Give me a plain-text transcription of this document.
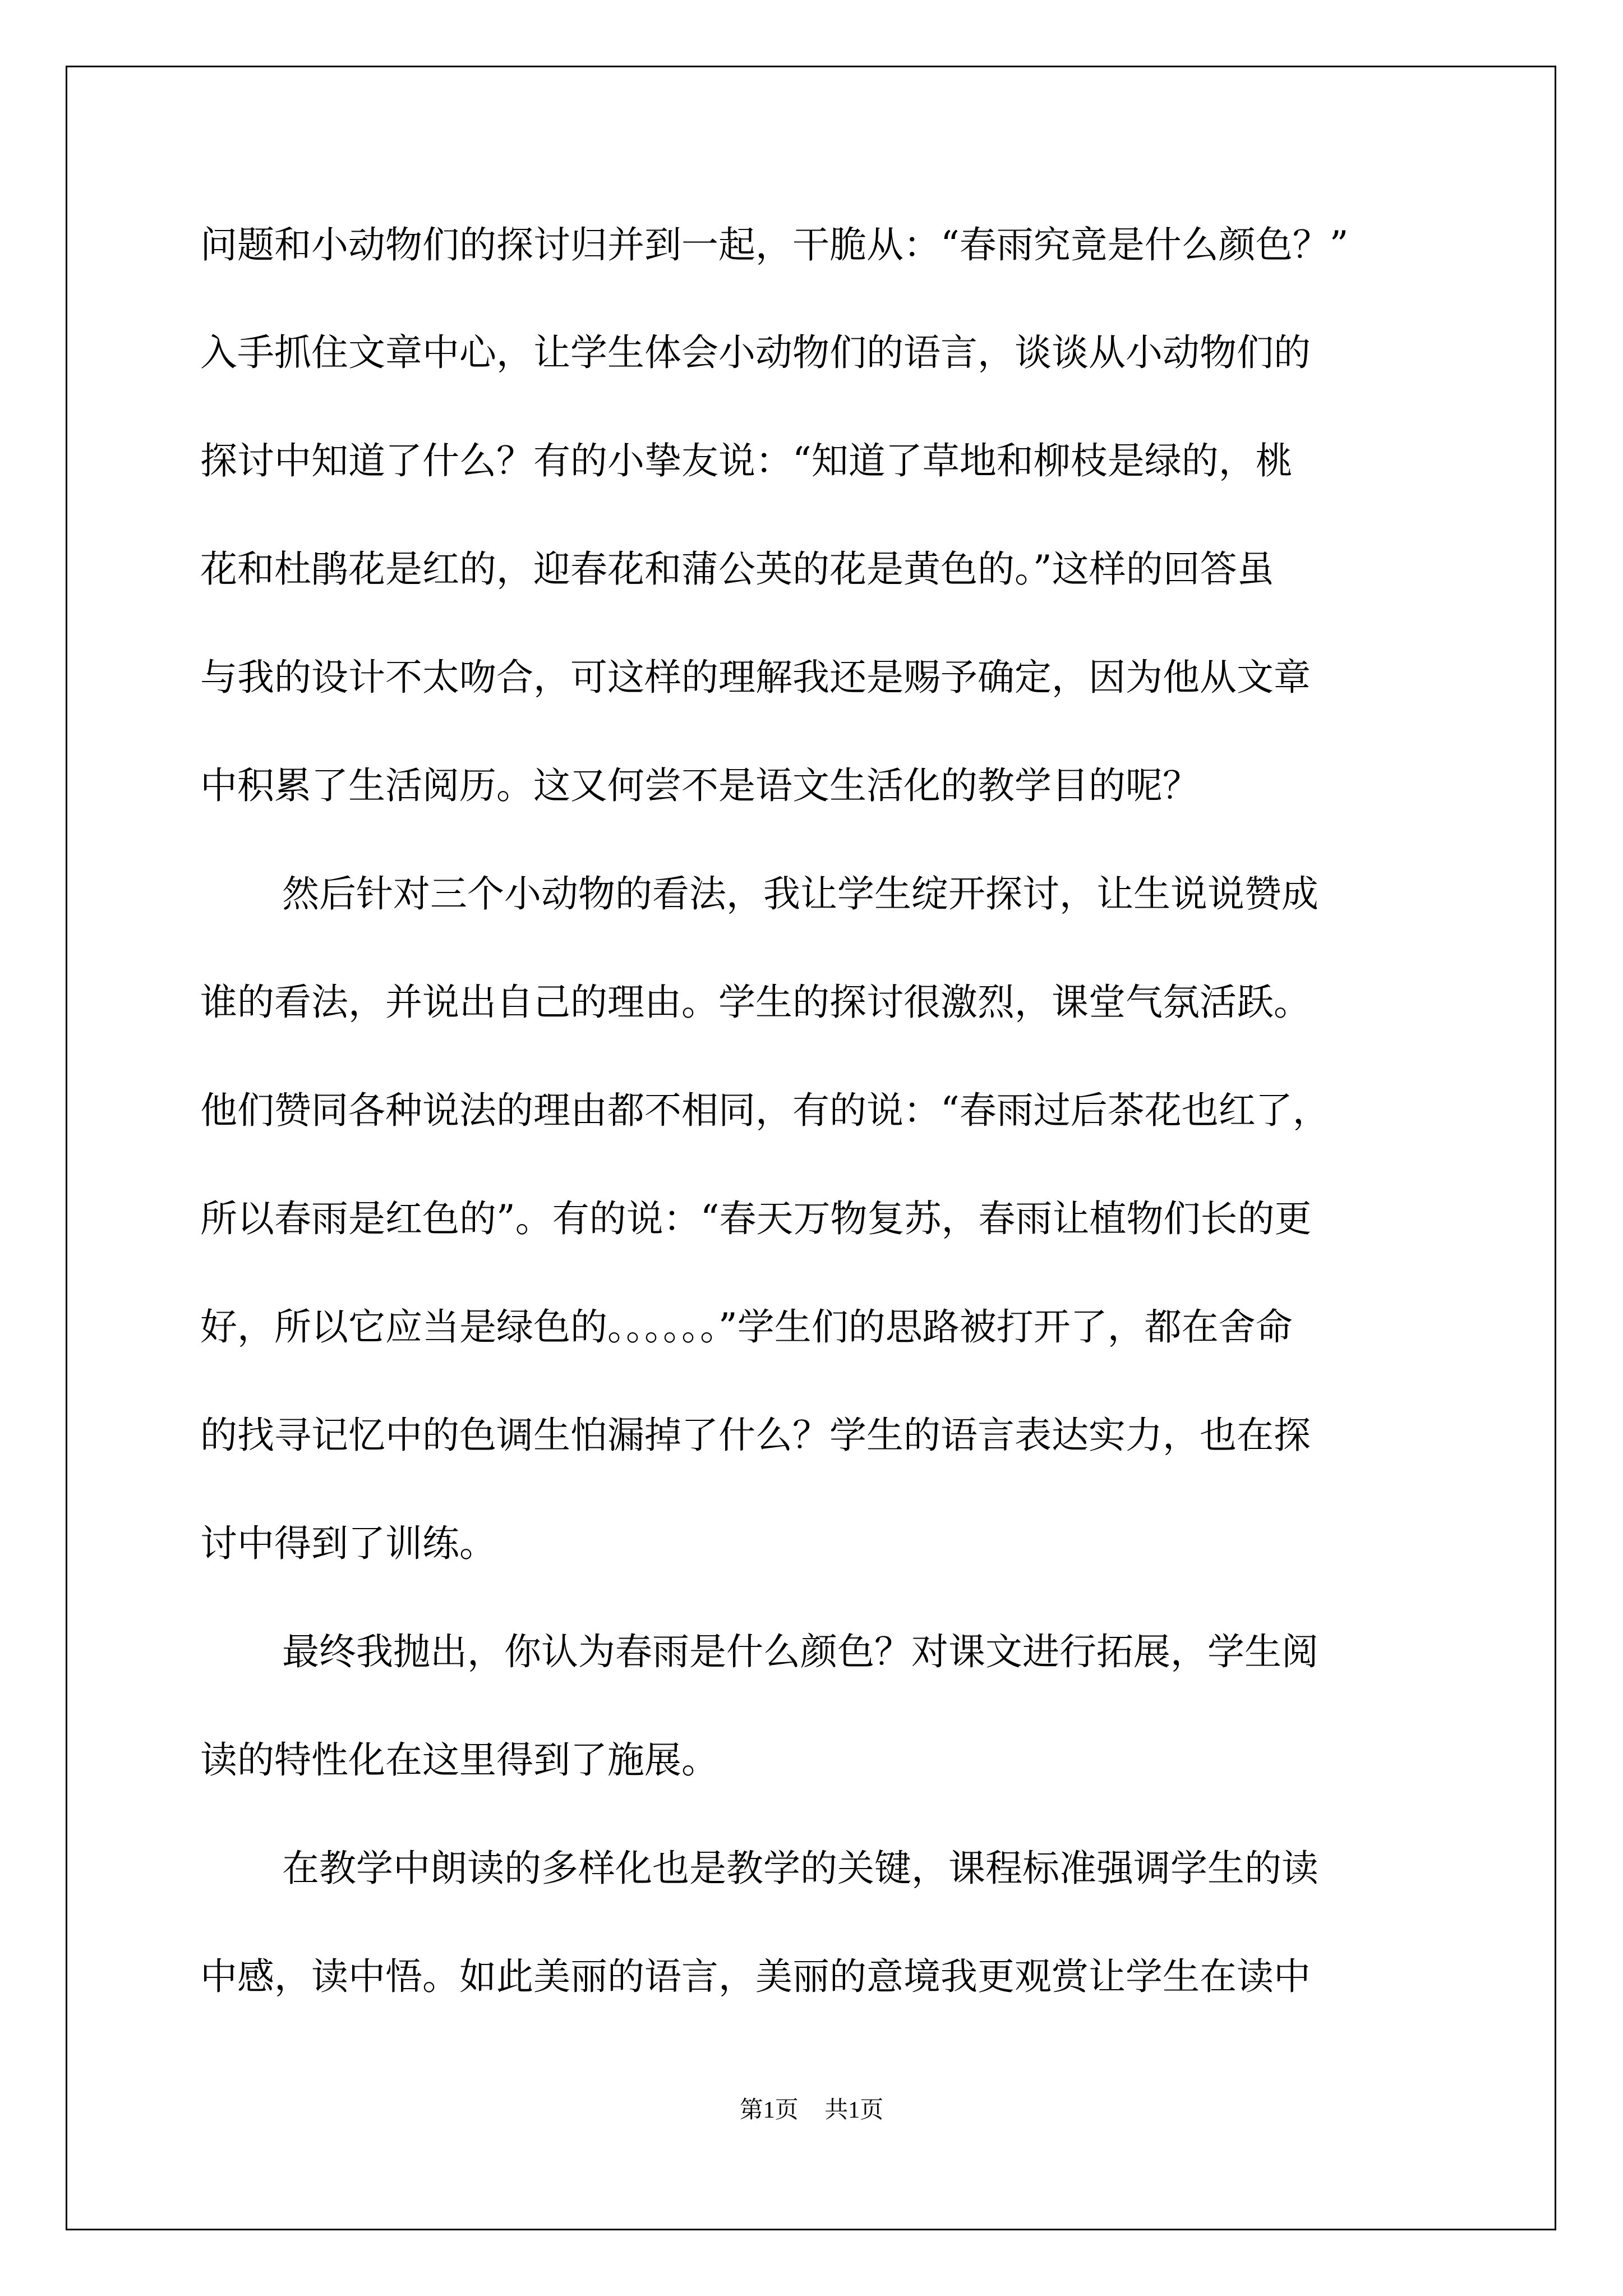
问题和小动物们的探讨归并到一起，干脆从：“春雨究竟是什么颜色？”

入手抓住文章中心，让学生体会小动物们的语言，谈谈从小动物们的

探讨中知道了什么？有的小挚友说：“知道了草地和柳枝是绿的，桃

花和杜鹃花是红的，迎春花和蒲公英的花是黄色的。”这样的回答虽

与我的设计不太吻合，可这样的理解我还是赐予确定，因为他从文章

中积累了生活阅历。这又何尝不是语文生活化的教学目的呢？

然后针对三个小动物的看法，我让学生绽开探讨，让生说说赞成

谁的看法，并说出自己的理由。学生的探讨很激烈，课堂气氛活跃。

他们赞同各种说法的理由都不相同，有的说：“春雨过后茶花也红了，

所以春雨是红色的”。有的说：“春天万物复苏，春雨让植物们长的更

好，所以它应当是绿色的。。。。。。”学生们的思路被打开了，都在舍命

的找寻记忆中的色调生怕漏掉了什么？学生的语言表达实力，也在探

讨中得到了训练。

最终我抛出，你认为春雨是什么颜色？对课文进行拓展，学生阅

读的特性化在这里得到了施展。

在教学中朗读的多样化也是教学的关键，课程标准强调学生的读

中感，读中悟。如此美丽的语言，美丽的意境我更观赏让学生在读中

第1页 共1页
